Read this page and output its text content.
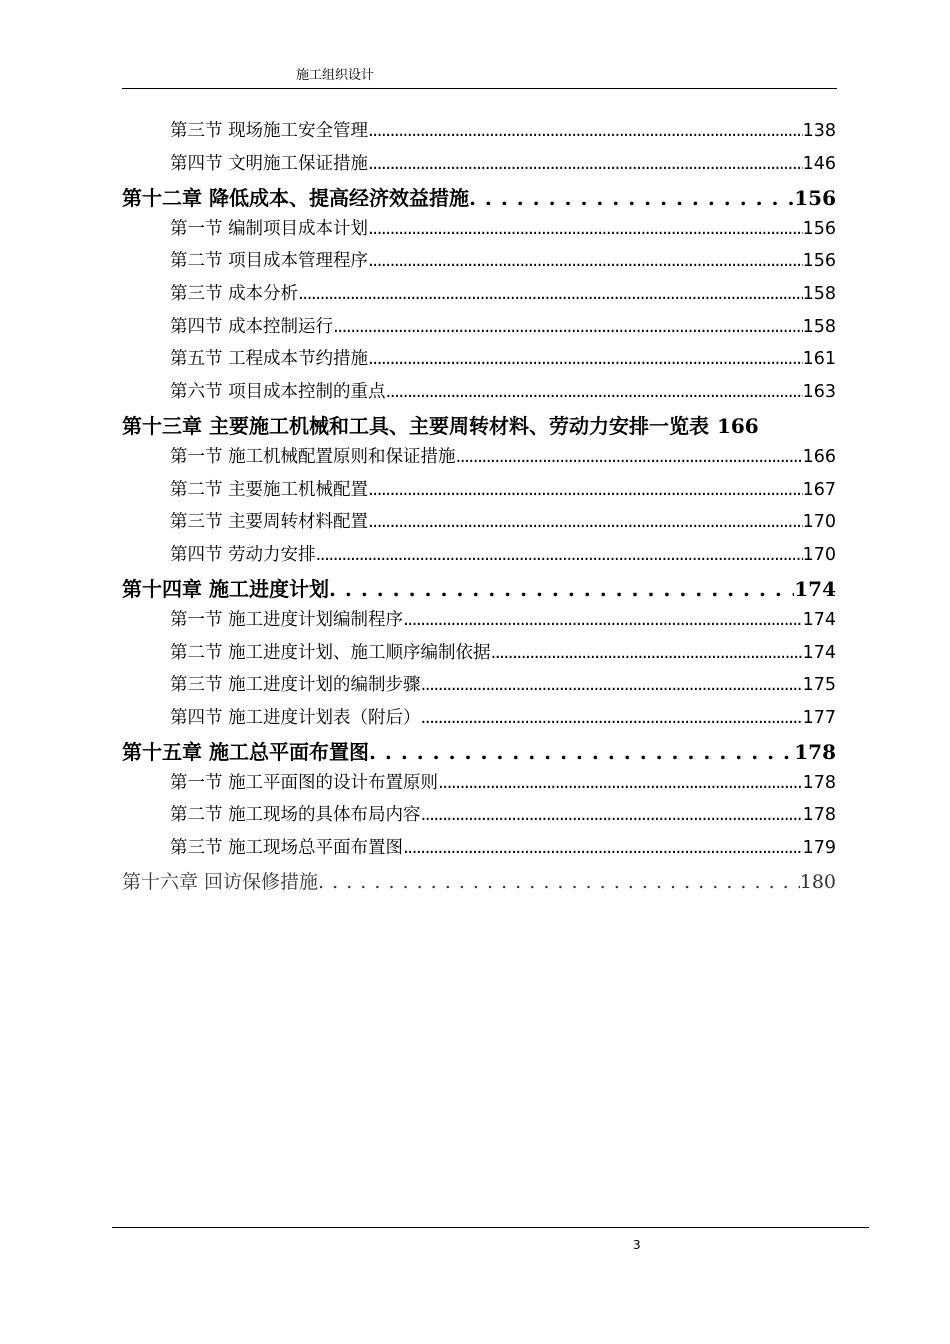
施工组织设计
第三节 现场施工安全管理 . . .	138
第四节 文明施工保证措施 . . .	146
第十二章 降低成本、提高经济效益措施 . . .	156
第一节 编制项目成本计划 . . .	156
第二节 项目成本管理程序 . . .	156
第三节 成本分析 . . .	158
第四节 成本控制运行 . . .	158
第五节 工程成本节约措施 . . .	161
第六节 项目成本控制的重点 . . .	163
第十三章 主要施工机械和工具、主要周转材料、劳动力安排一览表 166
第一节 施工机械配置原则和保证措施 . . .	166
第二节 主要施工机械配置 . . .	167
第三节 主要周转材料配置 . . .	170
第四节 劳动力安排 . . .	170
第十四章 施工进度计划 . . .	174
第一节 施工进度计划编制程序 . . .	174
第二节 施工进度计划、施工顺序编制依据 . . .	174
第三节 施工进度计划的编制步骤 . . .	175
第四节 施工进度计划表（附后） . . .	177
第十五章 施工总平面布置图 . . .	178
第一节 施工平面图的设计布置原则 . . .	178
第二节 施工现场的具体布局内容 . . .	178
第三节 施工现场总平面布置图 . . .	179
第十六章 回访保修措施 . . .	180
3
